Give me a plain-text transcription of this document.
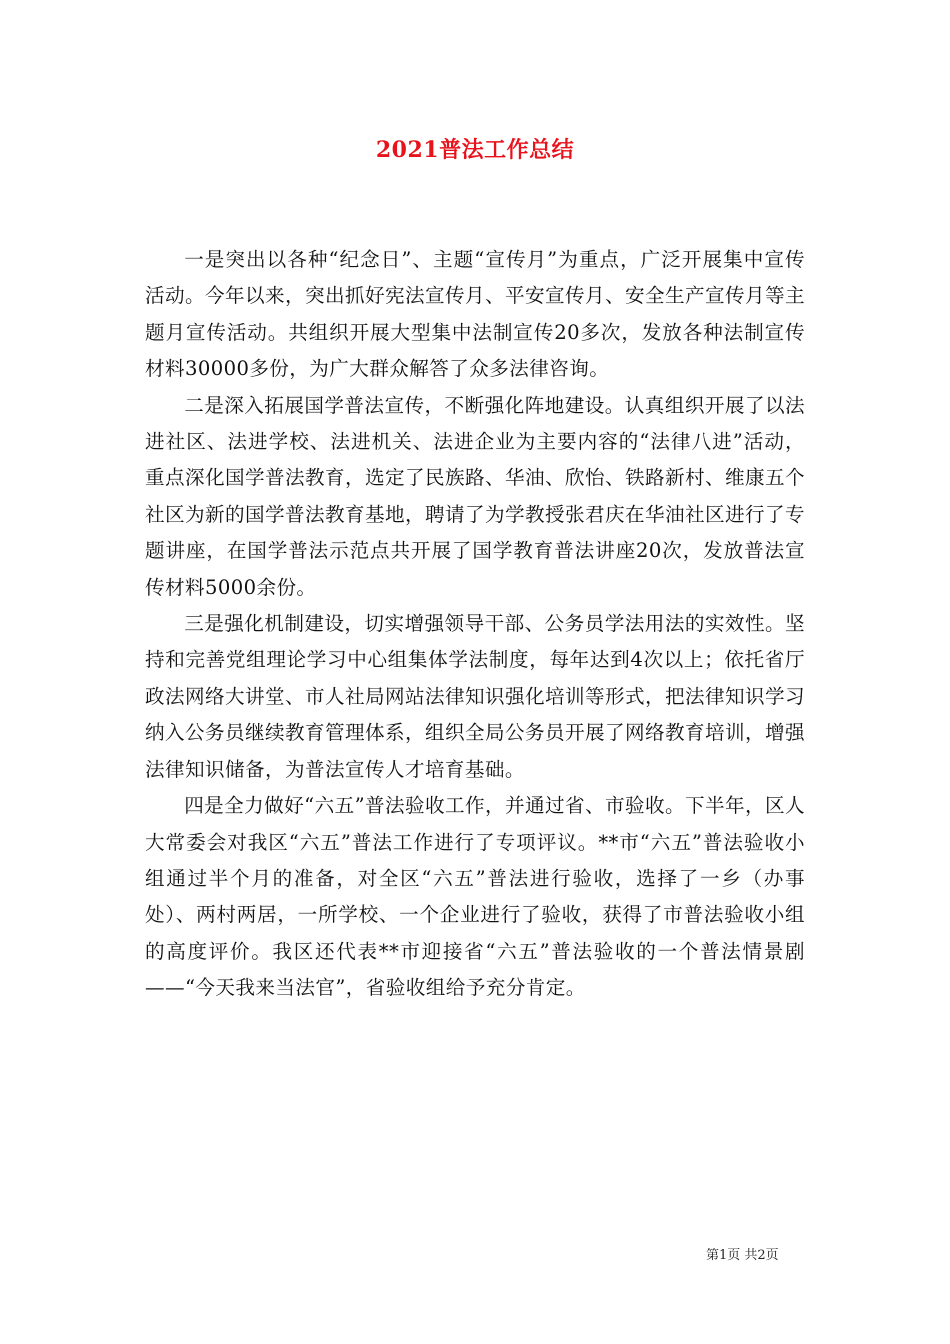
2021普法工作总结

一是突出以各种“纪念日”、主题“宣传月”为重点，广泛开展集中宣传活动。今年以来，突出抓好宪法宣传月、平安宣传月、安全生产宣传月等主题月宣传活动。共组织开展大型集中法制宣传20多次，发放各种法制宣传材料30000多份，为广大群众解答了众多法律咨询。

二是深入拓展国学普法宣传，不断强化阵地建设。认真组织开展了以法进社区、法进学校、法进机关、法进企业为主要内容的“法律八进”活动，重点深化国学普法教育，选定了民族路、华油、欣怡、铁路新村、维康五个社区为新的国学普法教育基地，聘请了为学教授张君庆在华油社区进行了专题讲座，在国学普法示范点共开展了国学教育普法讲座20次，发放普法宣传材料5000余份。

三是强化机制建设，切实增强领导干部、公务员学法用法的实效性。坚持和完善党组理论学习中心组集体学法制度，每年达到4次以上；依托省厅政法网络大讲堂、市人社局网站法律知识强化培训等形式，把法律知识学习纳入公务员继续教育管理体系，组织全局公务员开展了网络教育培训，增强法律知识储备，为普法宣传人才培育基础。

四是全力做好“六五”普法验收工作，并通过省、市验收。下半年，区人大常委会对我区“六五”普法工作进行了专项评议。**市“六五”普法验收小组通过半个月的准备，对全区“六五”普法进行验收，选择了一乡（办事处）、两村两居，一所学校、一个企业进行了验收，获得了市普法验收小组的高度评价。我区还代表**市迎接省“六五”普法验收的一个普法情景剧——“今天我来当法官”，省验收组给予充分肯定。

第1页 共2页
